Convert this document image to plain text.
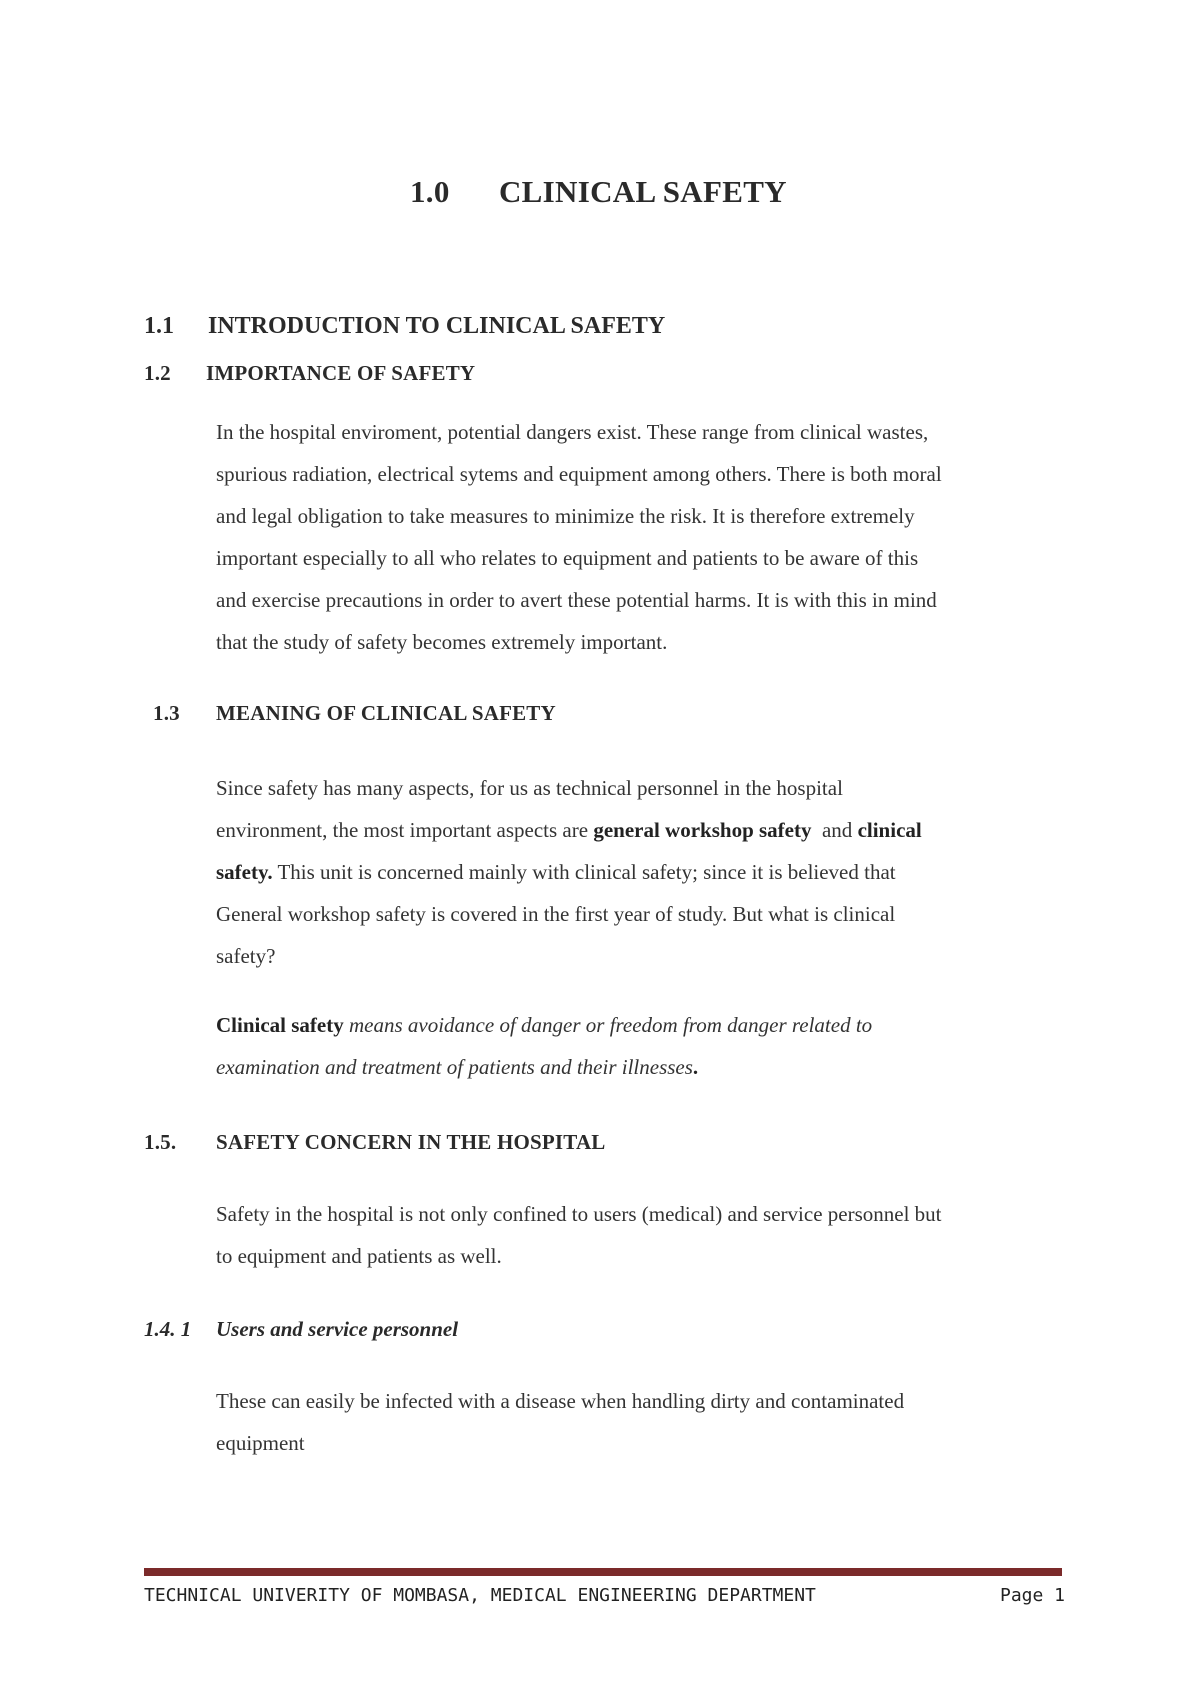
1.0 CLINICAL SAFETY
1.1 INTRODUCTION TO CLINICAL SAFETY
1.2 IMPORTANCE OF SAFETY
In the hospital enviroment, potential dangers exist. These range from clinical wastes,
spurious radiation, electrical sytems and equipment among others. There is both moral
and legal obligation to take measures to minimize the risk. It is therefore extremely
important especially to all who relates to equipment and patients to be aware of this
and exercise precautions in order to avert these potential harms. It is with this in mind
that the study of safety becomes extremely important.
1.3 MEANING OF CLINICAL SAFETY
Since safety has many aspects, for us as technical personnel in the hospital
environment, the most important aspects are general workshop safety  and clinical
safety. This unit is concerned mainly with clinical safety; since it is believed that
General workshop safety is covered in the first year of study. But what is clinical
safety?
Clinical safety means avoidance of danger or freedom from danger related to
examination and treatment of patients and their illnesses.
1.5. SAFETY CONCERN IN THE HOSPITAL
Safety in the hospital is not only confined to users (medical) and service personnel but
to equipment and patients as well.
1.4. 1 Users and service personnel
These can easily be infected with a disease when handling dirty and contaminated
equipment
TECHNICAL UNIVERITY OF MOMBASA, MEDICAL ENGINEERING DEPARTMENT	Page 1
